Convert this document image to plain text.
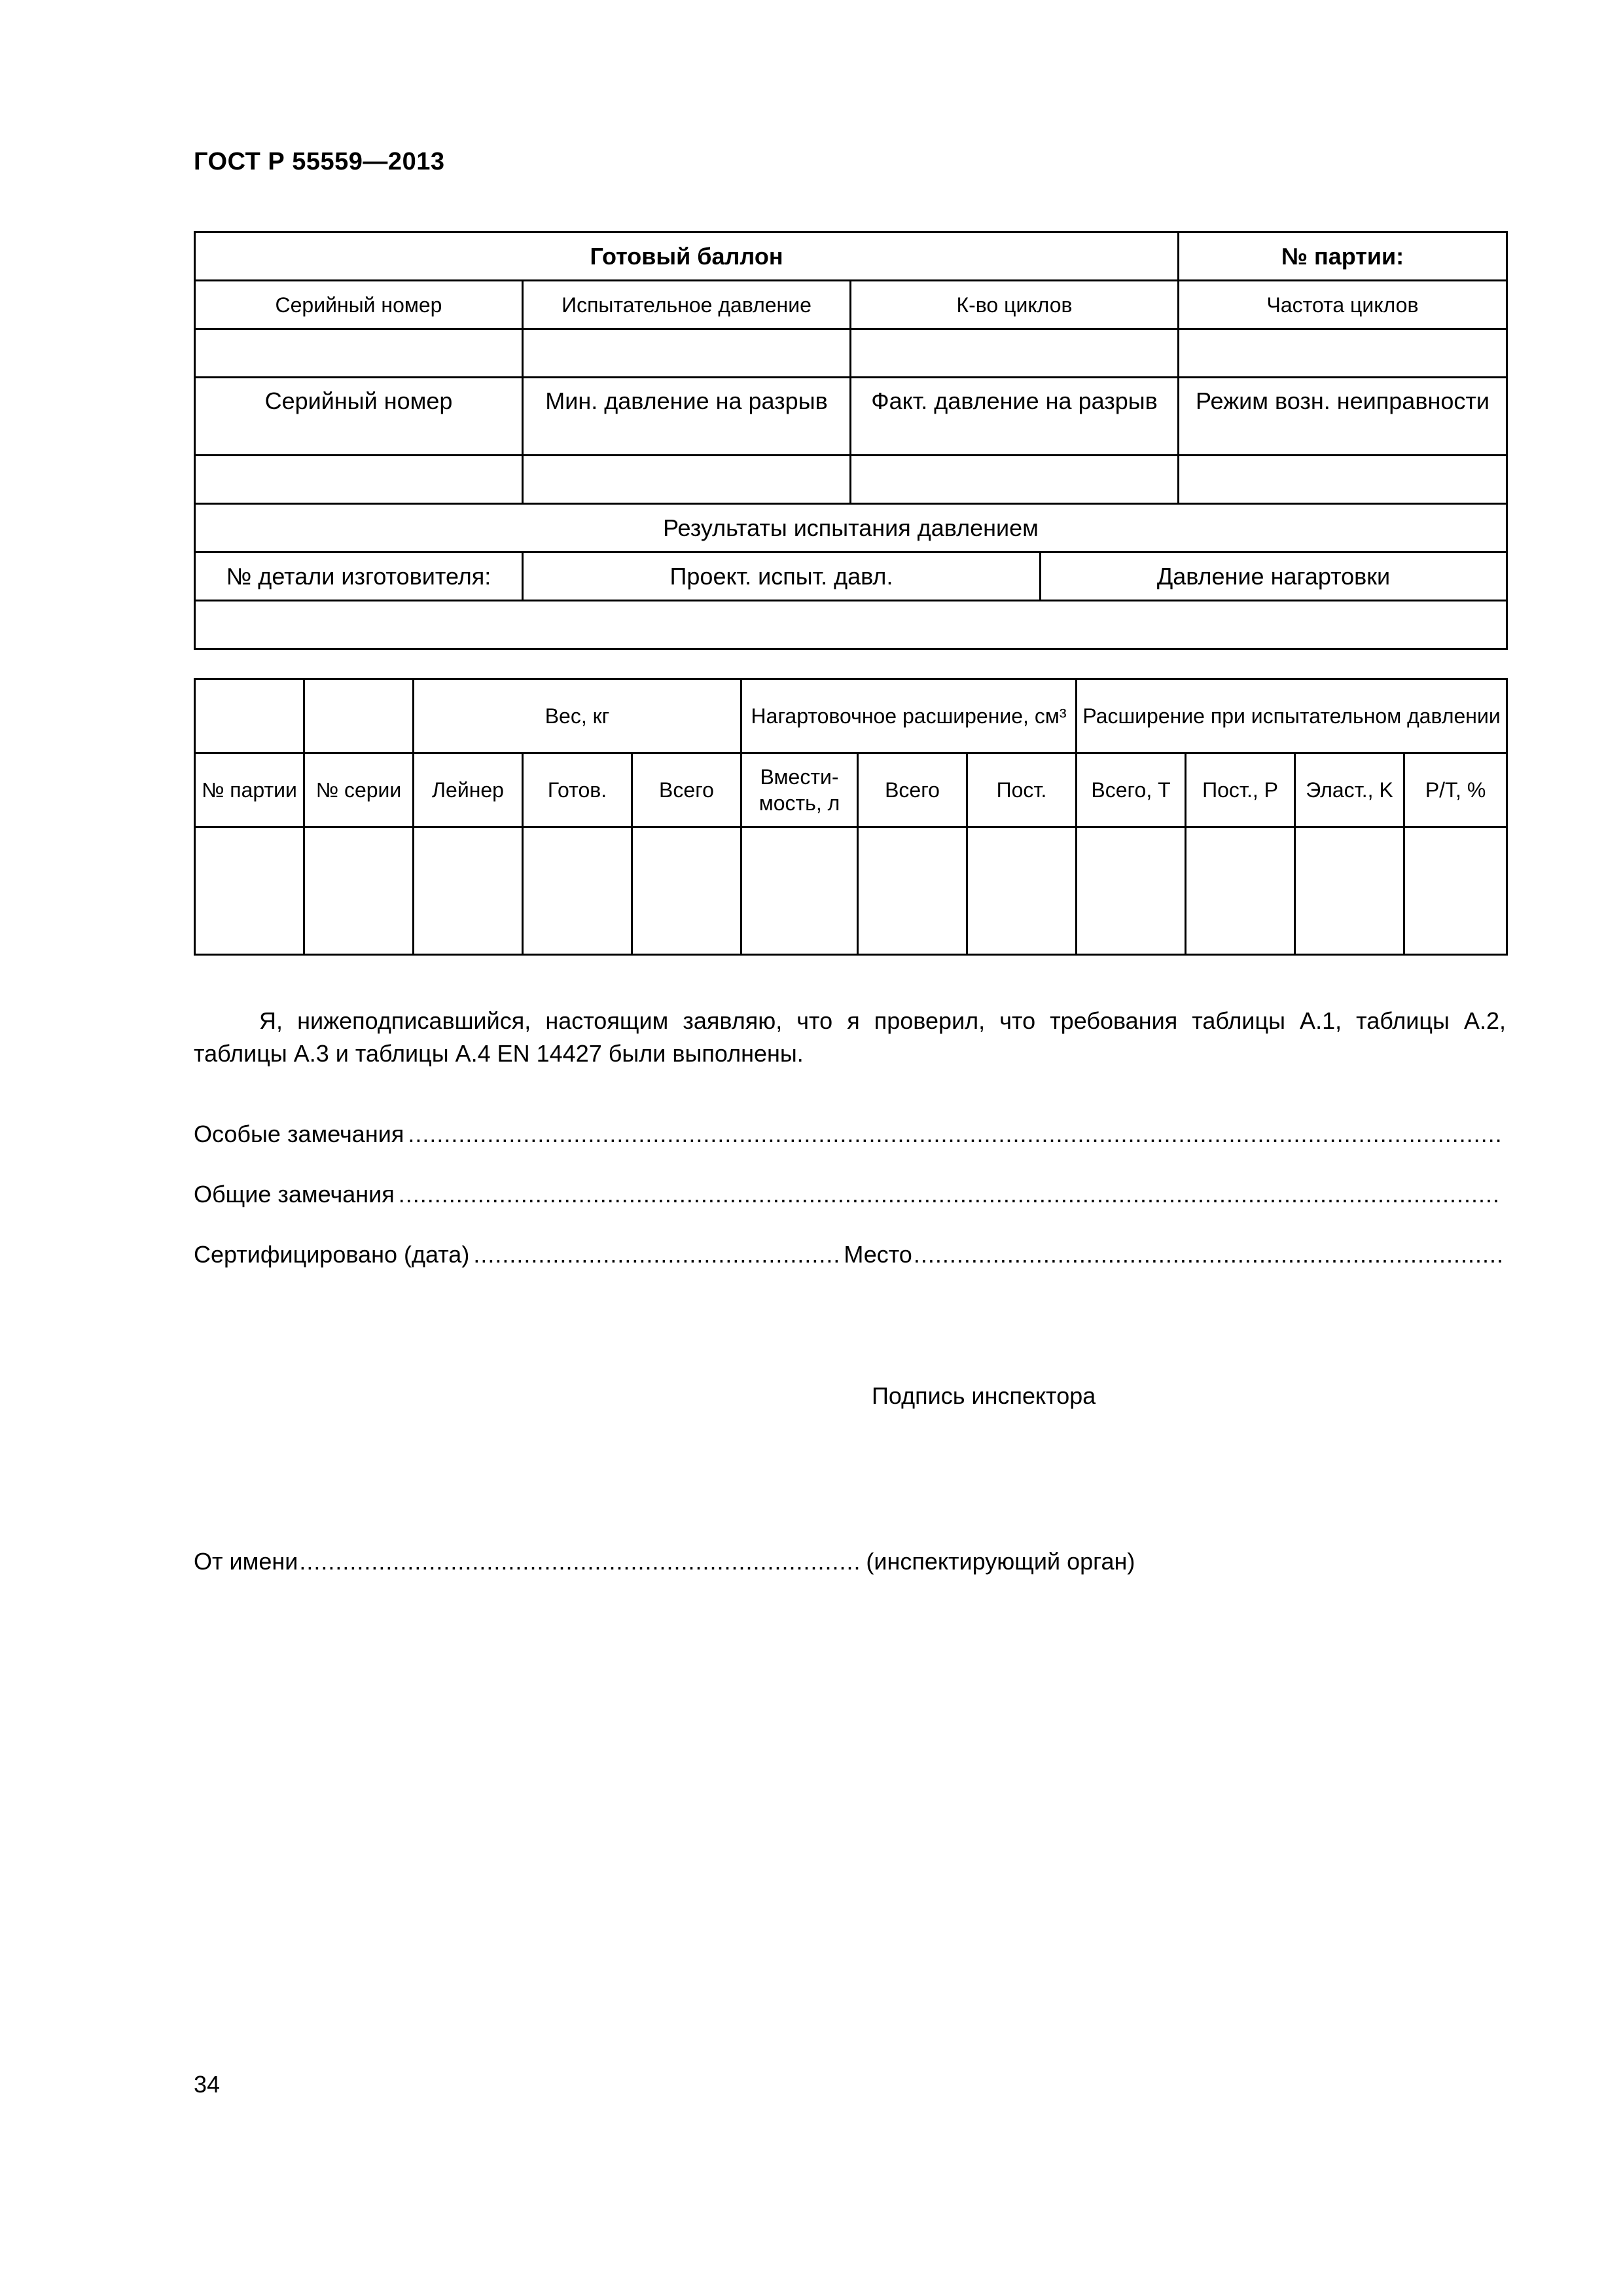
ГОСТ Р 55559—2013
Готовый баллон				№ партии:
Серийный номер	Испытательное давление	К-во циклов		Частота циклов

Серийный номер	Мин. давление на разрыв	Факт. давление на разрыв		Режим возн. неиправности

Результаты испытания давлением				
№ детали изготовителя:	Проект. испыт. давл.		Давление нагартовки	

		Вес, кг			Нагартовочное расширение, см³			Расширение при испытательном давлении			
№ партии	№ серии	Лейнер	Готов.	Всего	Вмести-мость, л	Всего	Пост.	Всего, T	Пост., P	Эласт., K	P/T, %

Я, нижеподписавшийся, настоящим заявляю, что я проверил, что требования таблицы А.1, таблицы А.2, таблицы А.3 и таблицы А.4 EN 14427 были выполнены.
Особые замечания
.....
Общие замечания
.....
Сертифицировано (дата) .....	Место
.....
Подпись инспектора
От имени .....	(инспектирующий орган)
34
